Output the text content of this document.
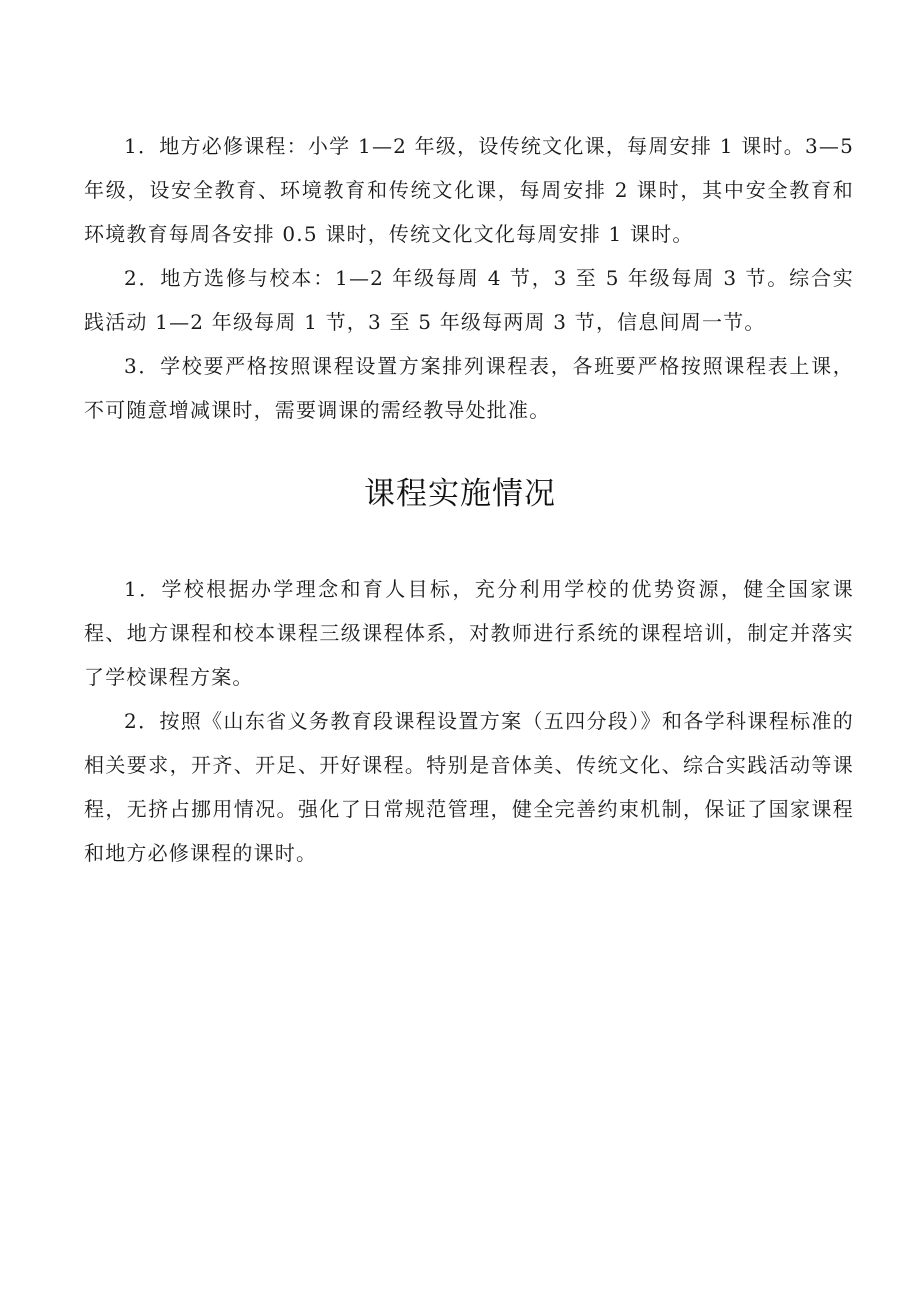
1．地方必修课程：小学 1—2 年级，设传统文化课，每周安排 1 课时。3—5 年级，设安全教育、环境教育和传统文化课，每周安排 2 课时，其中安全教育和环境教育每周各安排 0.5 课时，传统文化文化每周安排 1 课时。

2．地方选修与校本：1—2 年级每周 4 节，3 至 5 年级每周 3 节。综合实践活动 1—2 年级每周 1 节，3 至 5 年级每两周 3 节，信息间周一节。

3．学校要严格按照课程设置方案排列课程表，各班要严格按照课程表上课，不可随意增减课时，需要调课的需经教导处批准。

课程实施情况

1．学校根据办学理念和育人目标，充分利用学校的优势资源，健全国家课程、地方课程和校本课程三级课程体系，对教师进行系统的课程培训，制定并落实了学校课程方案。

2．按照《山东省义务教育段课程设置方案（五四分段）》和各学科课程标准的相关要求，开齐、开足、开好课程。特别是音体美、传统文化、综合实践活动等课程，无挤占挪用情况。强化了日常规范管理，健全完善约束机制，保证了国家课程和地方必修课程的课时。
